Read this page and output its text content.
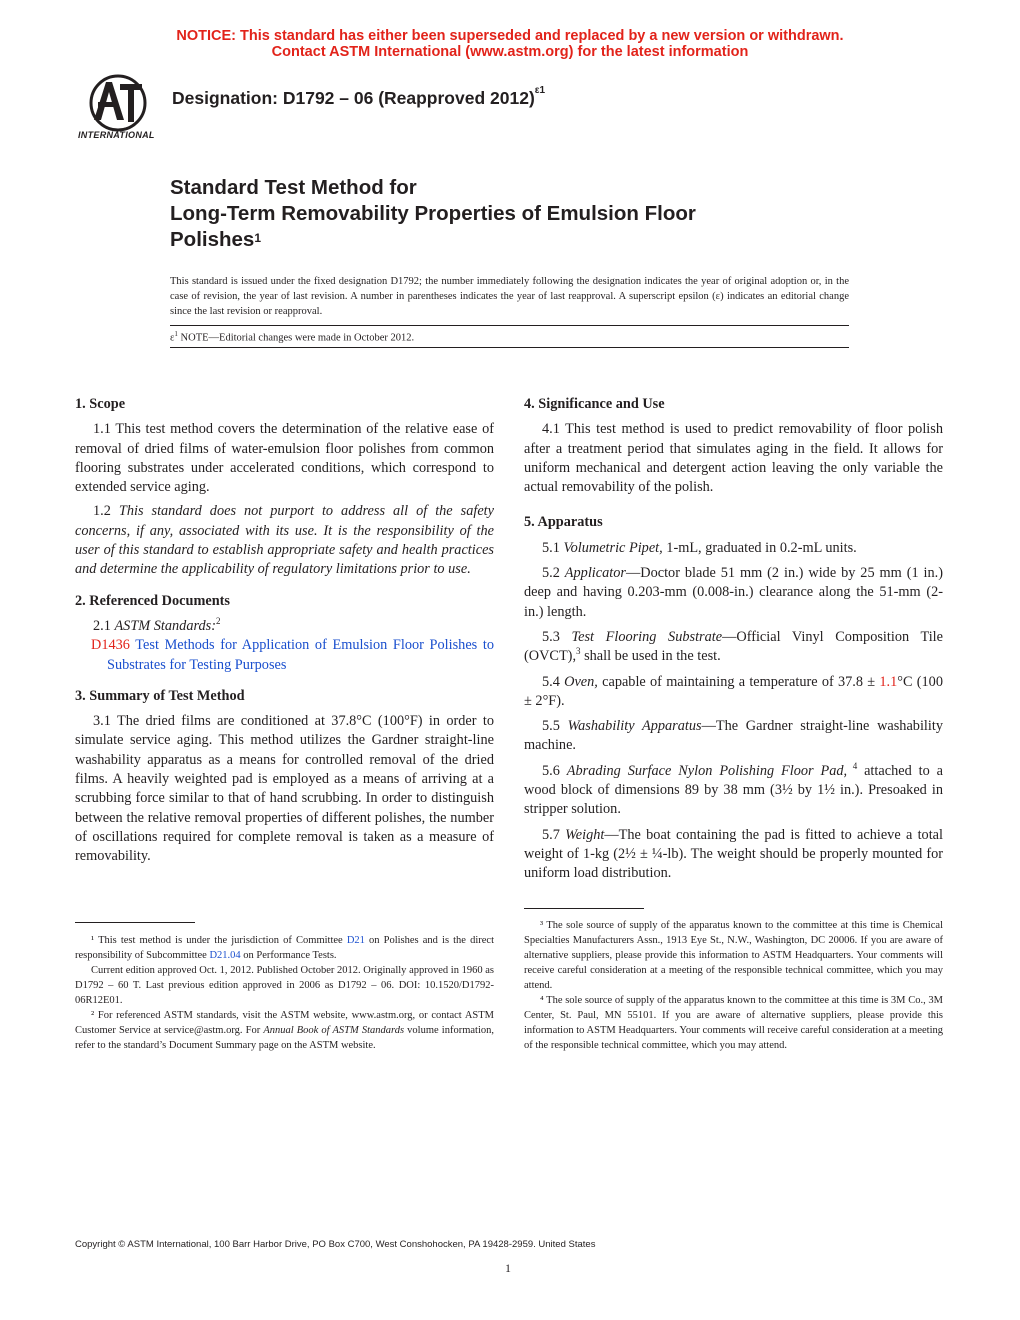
NOTICE: This standard has either been superseded and replaced by a new version or withdrawn.
Contact ASTM International (www.astm.org) for the latest information
INTERNATIONAL
Designation: D1792 – 06 (Reapproved 2012)$^{\varepsilon 1}$
Standard Test Method for
Long-Term Removability Properties of Emulsion Floor
Polishes$^1$
This standard is issued under the fixed designation D1792; the number immediately following the designation indicates the year of original adoption or, in the case of revision, the year of last revision. A number in parentheses indicates the year of last reapproval. A superscript epsilon (ε) indicates an editorial change since the last revision or reapproval.
$\varepsilon^1$ NOTE—Editorial changes were made in October 2012.

1. Scope

1.1 This test method covers the determination of the relative ease of removal of dried films of water-emulsion floor polishes from common flooring substrates under accelerated conditions, which correspond to extended service aging.

1.2 This standard does not purport to address all of the safety concerns, if any, associated with its use. It is the responsibility of the user of this standard to establish appropriate safety and health practices and determine the applicability of regulatory limitations prior to use.

2. Referenced Documents

2.1 ASTM Standards:$^2$

D1436 Test Methods for Application of Emulsion Floor Polishes to Substrates for Testing Purposes

3. Summary of Test Method

3.1 The dried films are conditioned at 37.8°C (100°F) in order to simulate service aging. This method utilizes the Gardner straight-line washability apparatus as a means for controlled removal of the dried films. A heavily weighted pad is employed as a means of arriving at a scrubbing force similar to that of hand scrubbing. In order to distinguish between the relative removal properties of different polishes, the number of oscillations required for complete removal is taken as a measure of removability.

4. Significance and Use

4.1 This test method is used to predict removability of floor polish after a treatment period that simulates aging in the field. It allows for uniform mechanical and detergent action leaving the only variable the actual removability of the polish.

5. Apparatus

5.1 Volumetric Pipet, 1-mL, graduated in 0.2-mL units.

5.2 Applicator—Doctor blade 51 mm (2 in.) wide by 25 mm (1 in.) deep and having 0.203-mm (0.008-in.) clearance along the 51-mm (2-in.) length.

5.3 Test Flooring Substrate—Official Vinyl Composition Tile (OVCT),$^3$ shall be used in the test.

5.4 Oven, capable of maintaining a temperature of 37.8 ± 1.1°C (100 ± 2°F).

5.5 Washability Apparatus—The Gardner straight-line washability machine.

5.6 Abrading Surface Nylon Polishing Floor Pad, $^4$ attached to a wood block of dimensions 89 by 38 mm (3½ by 1½ in.). Presoaked in stripper solution.

5.7 Weight—The boat containing the pad is fitted to achieve a total weight of 1-kg (2½ ± ¼-lb). The weight should be properly mounted for uniform load distribution.

¹ This test method is under the jurisdiction of Committee D21 on Polishes and is the direct responsibility of Subcommittee D21.04 on Performance Tests.

Current edition approved Oct. 1, 2012. Published October 2012. Originally approved in 1960 as D1792 – 60 T. Last previous edition approved in 2006 as D1792 – 06. DOI: 10.1520/D1792-06R12E01.

² For referenced ASTM standards, visit the ASTM website, www.astm.org, or contact ASTM Customer Service at service@astm.org. For Annual Book of ASTM Standards volume information, refer to the standard’s Document Summary page on the ASTM website.

³ The sole source of supply of the apparatus known to the committee at this time is Chemical Specialties Manufacturers Assn., 1913 Eye St., N.W., Washington, DC 20006. If you are aware of alternative suppliers, please provide this information to ASTM Headquarters. Your comments will receive careful consideration at a meeting of the responsible technical committee, which you may attend.

⁴ The sole source of supply of the apparatus known to the committee at this time is 3M Co., 3M Center, St. Paul, MN 55101. If you are aware of alternative suppliers, please provide this information to ASTM Headquarters. Your comments will receive careful consideration at a meeting of the responsible technical committee, which you may attend.

Copyright © ASTM International, 100 Barr Harbor Drive, PO Box C700, West Conshohocken, PA 19428-2959. United States
1
